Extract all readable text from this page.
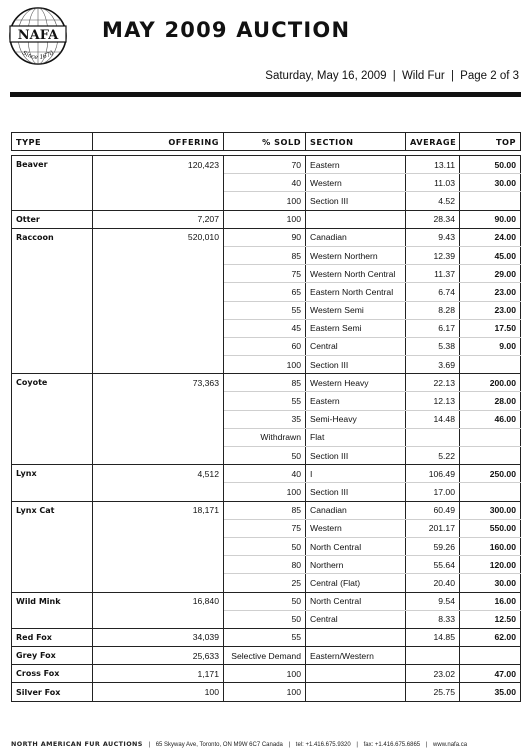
NAFA
Since 1670
MAY 2009 AUCTION
Saturday, May 16, 2009 | Wild Fur | Page 2 of 3
TYPE	OFFERING	% SOLD	SECTION	AVERAGE	TOP

Beaver	120,423	70	Eastern	13.11	50.00
		40	Western	11.03	30.00
		100	Section III	4.52	
Otter	7,207	100		28.34	90.00
Raccoon	520,010	90	Canadian	9.43	24.00
		85	Western Northern	12.39	45.00
		75	Western North Central	11.37	29.00
		65	Eastern North Central	6.74	23.00
		55	Western Semi	8.28	23.00
		45	Eastern Semi	6.17	17.50
		60	Central	5.38	9.00
		100	Section III	3.69	
Coyote	73,363	85	Western Heavy	22.13	200.00
		55	Eastern	12.13	28.00
		35	Semi-Heavy	14.48	46.00
		Withdrawn	Flat		
		50	Section III	5.22	
Lynx	4,512	40	I	106.49	250.00
		100	Section III	17.00	
Lynx Cat	18,171	85	Canadian	60.49	300.00
		75	Western	201.17	550.00
		50	North Central	59.26	160.00
		80	Northern	55.64	120.00
		25	Central (Flat)	20.40	30.00
Wild Mink	16,840	50	North Central	9.54	16.00
		50	Central	8.33	12.50
Red Fox	34,039	55		14.85	62.00
Grey Fox	25,633	Selective Demand	Eastern/Western		
Cross Fox	1,171	100		23.02	47.00
Silver Fox	100	100		25.75	35.00
NORTH AMERICAN FUR AUCTIONS | 65 Skyway Ave, Toronto, ON M9W 6C7 Canada | tel: +1.416.675.9320 | fax: +1.416.675.6865 | www.nafa.ca
